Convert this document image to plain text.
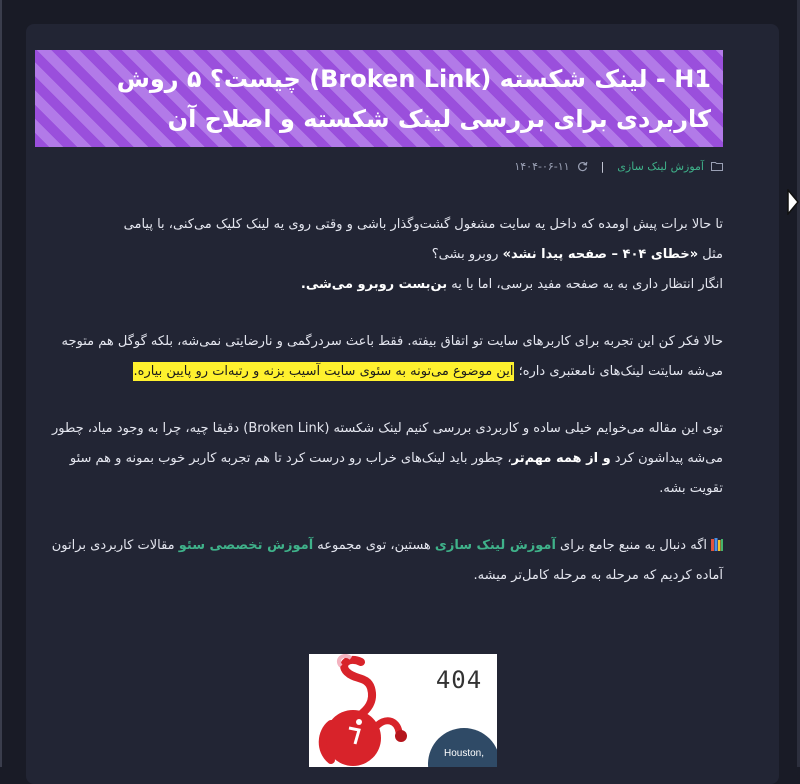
H1 - لینک شکسته (Broken Link) چیست؟ ۵ روش کاربردی برای بررسی لینک شکسته و اصلاح آن
آموزش لینک سازی
|
۱۴۰۴-۰۶-۱۱

تا حالا برات پیش اومده که داخل یه سایت مشغول گشت‌وگذار باشی و وقتی روی یه لینک کلیک می‌کنی، با پیامی
مثل «خطای ۴۰۴ – صفحه پیدا نشد» روبرو بشی؟

انگار انتظار داری به یه صفحه مفید برسی، اما با یه بن‌بست روبرو می‌شی.

حالا فکر کن این تجربه برای کاربرهای سایت تو اتفاق بیفته. فقط باعث سردرگمی و نارضایتی نمی‌شه، بلکه گوگل هم متوجه می‌شه سایتت لینک‌های نامعتبری داره؛ این موضوع می‌تونه به سئوی سایت آسیب بزنه و رتبه‌ات رو پایین بیاره.

توی این مقاله می‌خوایم خیلی ساده و کاربردی بررسی کنیم لینک شکسته (Broken Link) دقیقا چیه، چرا به وجود میاد، چطور می‌شه پیداشون کرد و از همه مهم‌تر، چطور باید لینک‌های خراب رو درست کرد تا هم تجربه کاربر خوب بمونه و هم سئو تقویت بشه.

اگه دنبال یه منبع جامع برای آموزش لینک سازی هستین، توی مجموعه آموزش تخصصی سئو مقالات کاربردی براتون آماده کردیم که مرحله به مرحله کامل‌تر میشه.

404
Houston,
